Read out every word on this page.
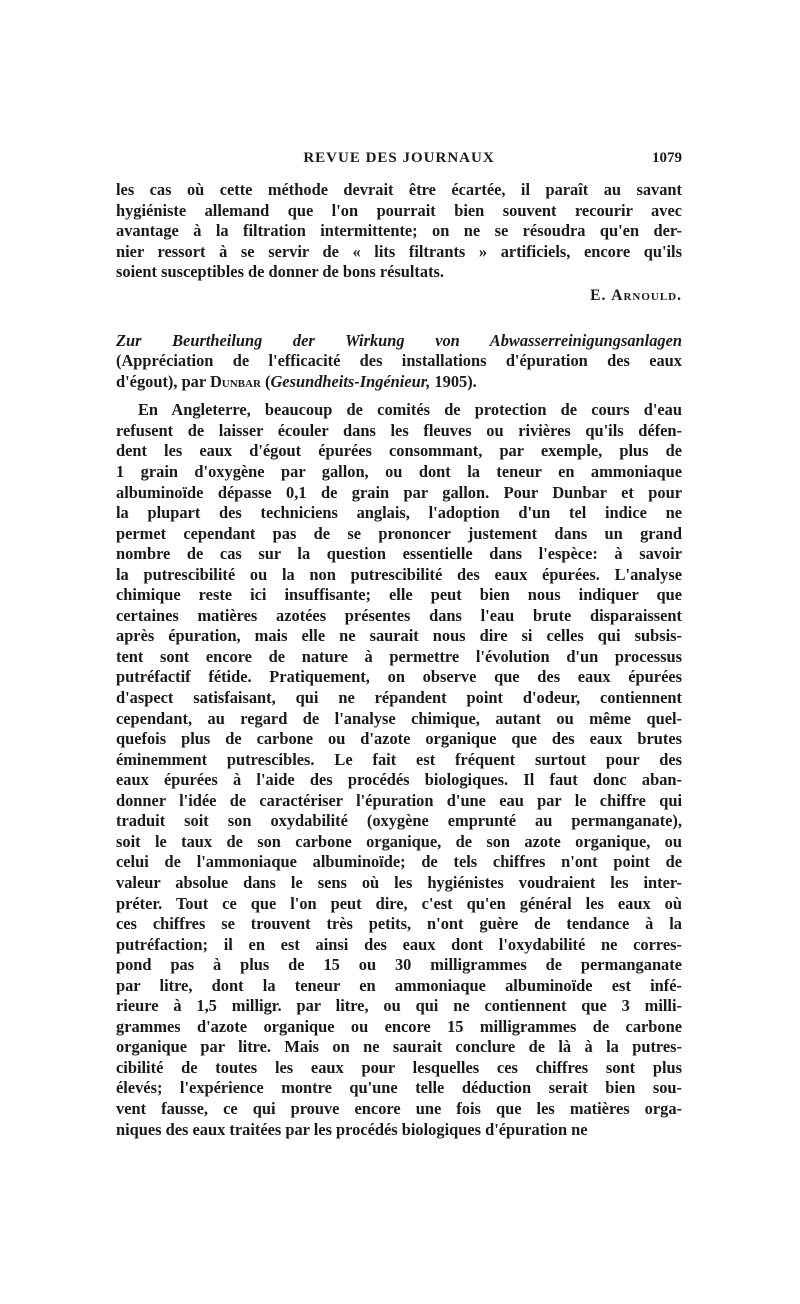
REVUE DES JOURNAUX	1079
les cas où cette méthode devrait être écartée, il paraît au savant
hygiéniste allemand que l'on pourrait bien souvent recourir avec
avantage à la filtration intermittente; on ne se résoudra qu'en der-
nier ressort à se servir de « lits filtrants » artificiels, encore qu'ils
soient susceptibles de donner de bons résultats.
E. Arnould.
Zur Beurtheilung der Wirkung von Abwasserreinigungsanlagen
(Appréciation de l'efficacité des installations d'épuration des eaux
d'égout), par Dunbar (Gesundheits-Ingénieur, 1905).
En Angleterre, beaucoup de comités de protection de cours d'eau
refusent de laisser écouler dans les fleuves ou rivières qu'ils défen-
dent les eaux d'égout épurées consommant, par exemple, plus de
1 grain d'oxygène par gallon, ou dont la teneur en ammoniaque
albuminoïde dépasse 0,1 de grain par gallon. Pour Dunbar et pour
la plupart des techniciens anglais, l'adoption d'un tel indice ne
permet cependant pas de se prononcer justement dans un grand
nombre de cas sur la question essentielle dans l'espèce: à savoir
la putrescibilité ou la non putrescibilité des eaux épurées. L'analyse
chimique reste ici insuffisante; elle peut bien nous indiquer que
certaines matières azotées présentes dans l'eau brute disparaissent
après épuration, mais elle ne saurait nous dire si celles qui subsis-
tent sont encore de nature à permettre l'évolution d'un processus
putréfactif fétide. Pratiquement, on observe que des eaux épurées
d'aspect satisfaisant, qui ne répandent point d'odeur, contiennent
cependant, au regard de l'analyse chimique, autant ou même quel-
quefois plus de carbone ou d'azote organique que des eaux brutes
éminemment putrescibles. Le fait est fréquent surtout pour des
eaux épurées à l'aide des procédés biologiques. Il faut donc aban-
donner l'idée de caractériser l'épuration d'une eau par le chiffre qui
traduit soit son oxydabilité (oxygène emprunté au permanganate),
soit le taux de son carbone organique, de son azote organique, ou
celui de l'ammoniaque albuminoïde; de tels chiffres n'ont point de
valeur absolue dans le sens où les hygiénistes voudraient les inter-
préter. Tout ce que l'on peut dire, c'est qu'en général les eaux où
ces chiffres se trouvent très petits, n'ont guère de tendance à la
putréfaction; il en est ainsi des eaux dont l'oxydabilité ne corres-
pond pas à plus de 15 ou 30 milligrammes de permanganate
par litre, dont la teneur en ammoniaque albuminoïde est infé-
rieure à 1,5 milligr. par litre, ou qui ne contiennent que 3 milli-
grammes d'azote organique ou encore 15 milligrammes de carbone
organique par litre. Mais on ne saurait conclure de là à la putres-
cibilité de toutes les eaux pour lesquelles ces chiffres sont plus
élevés; l'expérience montre qu'une telle déduction serait bien sou-
vent fausse, ce qui prouve encore une fois que les matières orga-
niques des eaux traitées par les procédés biologiques d'épuration ne
